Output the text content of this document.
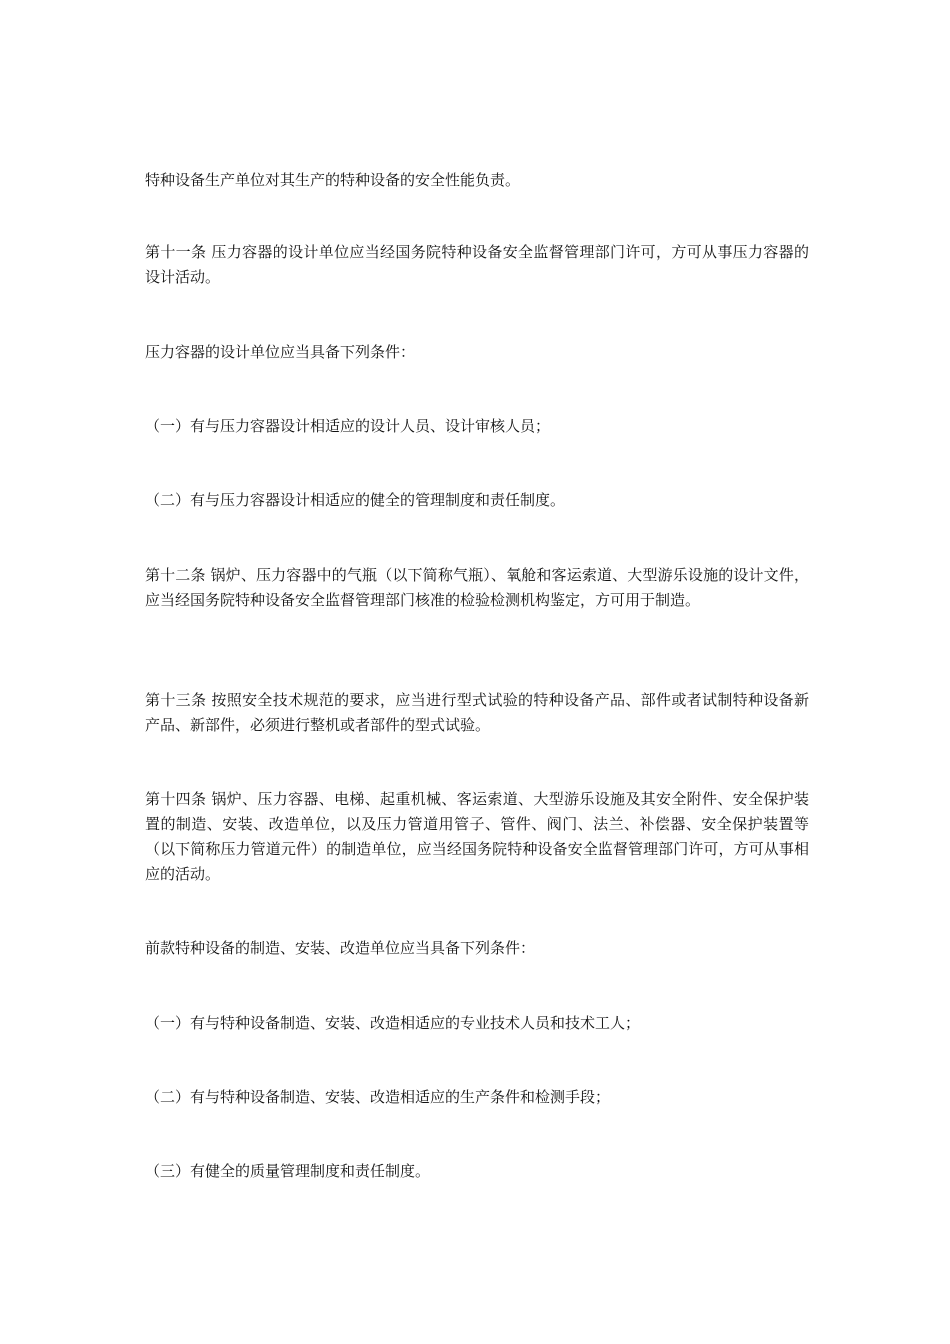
特种设备生产单位对其生产的特种设备的安全性能负责。

第十一条 压力容器的设计单位应当经国务院特种设备安全监督管理部门许可，方可从事压力容器的设计活动。

压力容器的设计单位应当具备下列条件：

（一）有与压力容器设计相适应的设计人员、设计审核人员；

（二）有与压力容器设计相适应的健全的管理制度和责任制度。

第十二条 锅炉、压力容器中的气瓶（以下简称气瓶）、氧舱和客运索道、大型游乐设施的设计文件，应当经国务院特种设备安全监督管理部门核准的检验检测机构鉴定，方可用于制造。

第十三条 按照安全技术规范的要求，应当进行型式试验的特种设备产品、部件或者试制特种设备新产品、新部件，必须进行整机或者部件的型式试验。

第十四条 锅炉、压力容器、电梯、起重机械、客运索道、大型游乐设施及其安全附件、安全保护装置的制造、安装、改造单位，以及压力管道用管子、管件、阀门、法兰、补偿器、安全保护装置等（以下简称压力管道元件）的制造单位，应当经国务院特种设备安全监督管理部门许可，方可从事相应的活动。

前款特种设备的制造、安装、改造单位应当具备下列条件：

（一）有与特种设备制造、安装、改造相适应的专业技术人员和技术工人；

（二）有与特种设备制造、安装、改造相适应的生产条件和检测手段；

（三）有健全的质量管理制度和责任制度。
